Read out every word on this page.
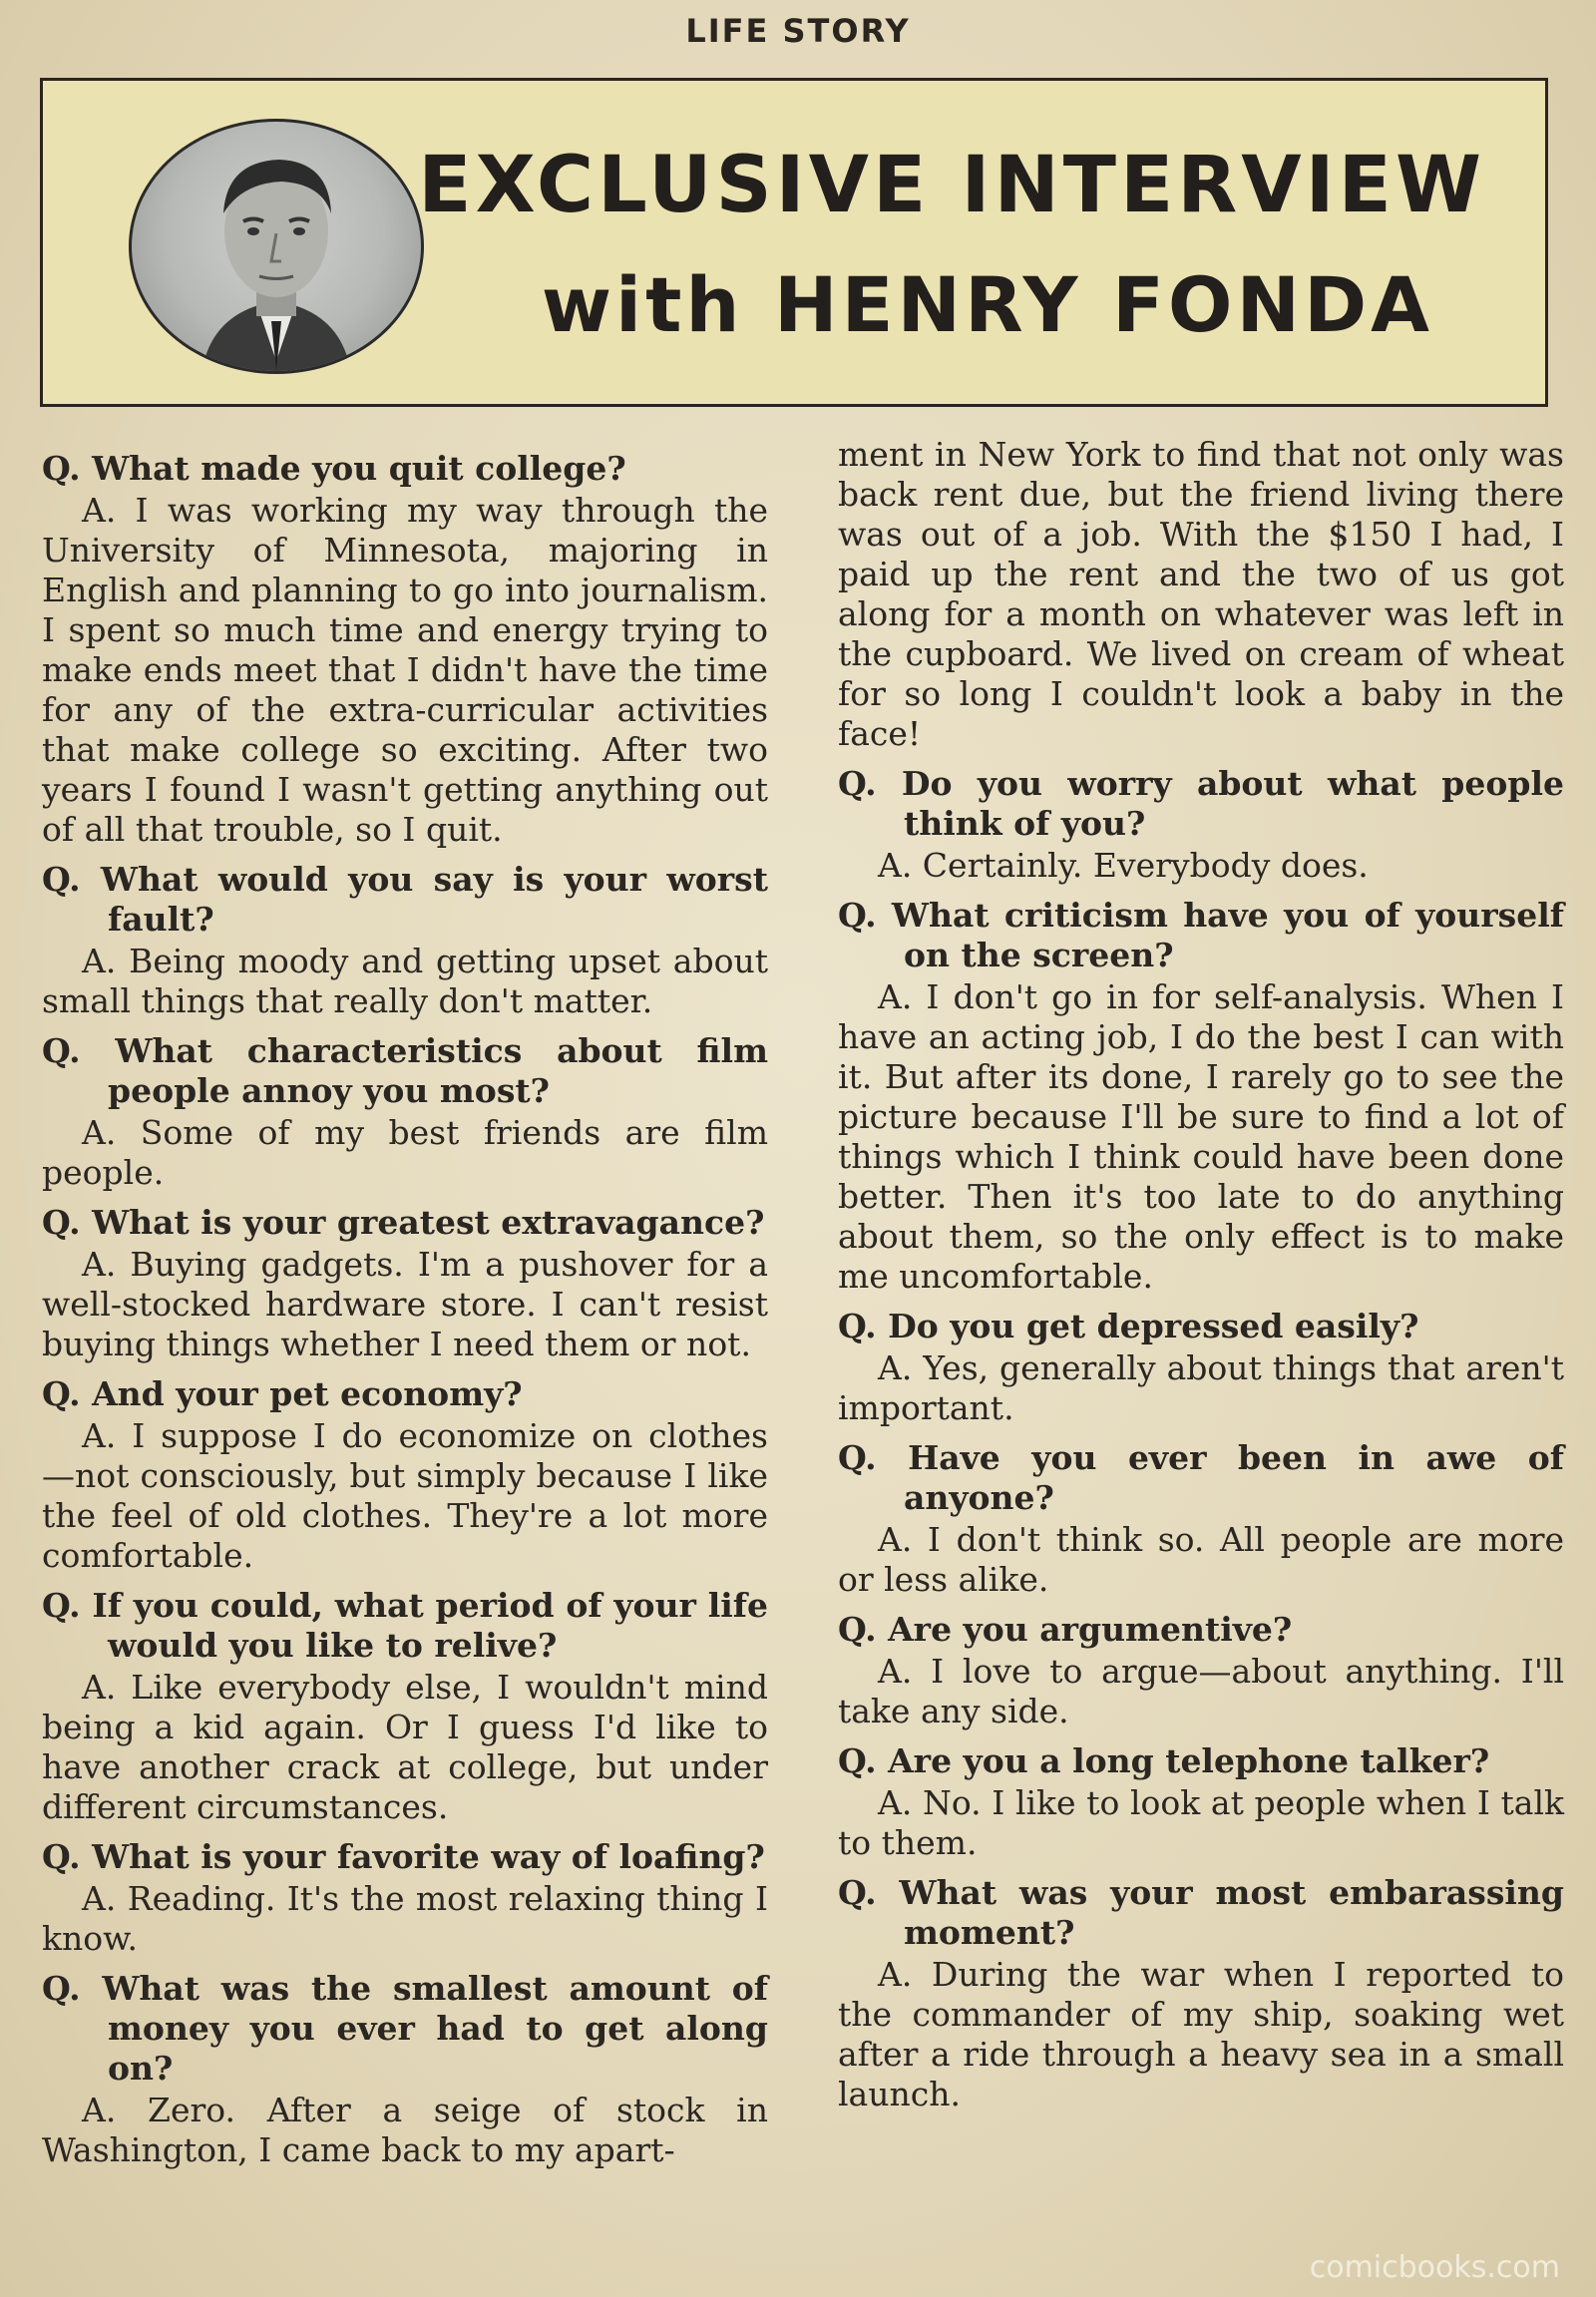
LIFE STORY
EXCLUSIVE INTERVIEW
with HENRY FONDA

Q. What made you quit college?

A. I was working my way through the University of Minnesota, majoring in English and planning to go into journalism. I spent so much time and energy trying to make ends meet that I didn't have the time for any of the extra-curricular activities that make college so exciting. After two years I found I wasn't getting anything out of all that trouble, so I quit.

Q. What would you say is your worst fault?

A. Being moody and getting upset about small things that really don't matter.

Q. What characteristics about film people annoy you most?

A. Some of my best friends are film people.

Q. What is your greatest extravagance?

A. Buying gadgets. I'm a pushover for a well-stocked hardware store. I can't resist buying things whether I need them or not.

Q. And your pet economy?

A. I suppose I do economize on clothes —not consciously, but simply because I like the feel of old clothes. They're a lot more comfortable.

Q. If you could, what period of your life would you like to relive?

A. Like everybody else, I wouldn't mind being a kid again. Or I guess I'd like to have another crack at college, but under different circumstances.

Q. What is your favorite way of loafing?

A. Reading. It's the most relaxing thing I know.

Q. What was the smallest amount of money you ever had to get along on?

A. Zero. After a seige of stock in Washington, I came back to my apart-

ment in New York to find that not only was back rent due, but the friend living there was out of a job. With the $150 I had, I paid up the rent and the two of us got along for a month on whatever was left in the cupboard. We lived on cream of wheat for so long I couldn't look a baby in the face!

Q. Do you worry about what people think of you?

A. Certainly. Everybody does.

Q. What criticism have you of yourself on the screen?

A. I don't go in for self-analysis. When I have an acting job, I do the best I can with it. But after its done, I rarely go to see the picture because I'll be sure to find a lot of things which I think could have been done better. Then it's too late to do anything about them, so the only effect is to make me uncomfortable.

Q. Do you get depressed easily?

A. Yes, generally about things that aren't important.

Q. Have you ever been in awe of anyone?

A. I don't think so. All people are more or less alike.

Q. Are you argumentive?

A. I love to argue—about anything. I'll take any side.

Q. Are you a long telephone talker?

A. No. I like to look at people when I talk to them.

Q. What was your most embarassing moment?

A. During the war when I reported to the commander of my ship, soaking wet after a ride through a heavy sea in a small launch.

comicbooks.com
